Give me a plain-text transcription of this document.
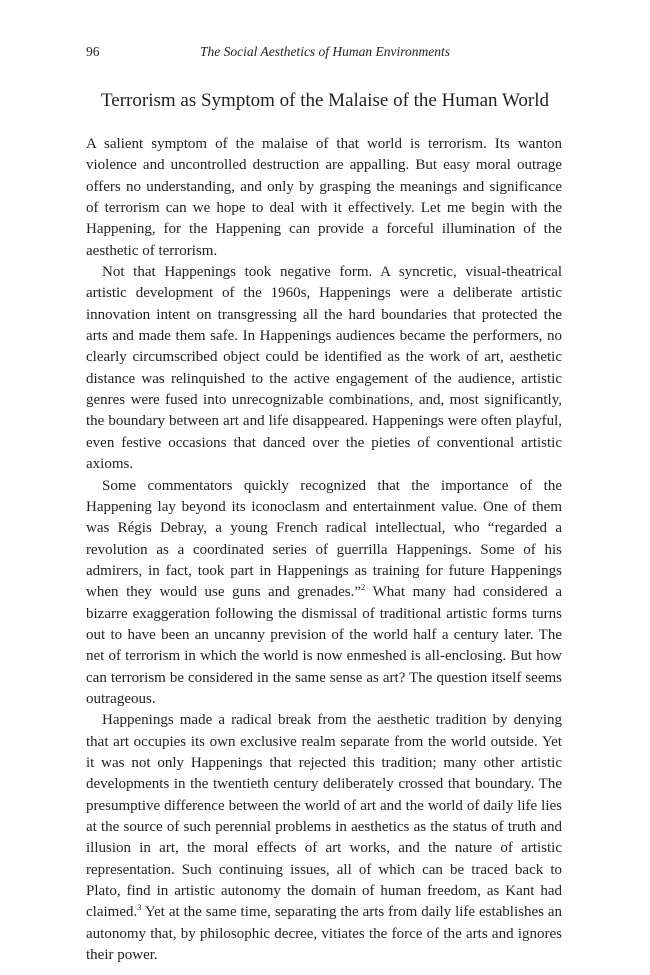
96	The Social Aesthetics of Human Environments
Terrorism as Symptom of the Malaise of the Human World

A salient symptom of the malaise of that world is terrorism. Its wanton violence and uncontrolled destruction are appalling. But easy moral outrage offers no understanding, and only by grasping the meanings and significance of terrorism can we hope to deal with it effectively. Let me begin with the Happening, for the Happening can provide a forceful illumination of the aesthetic of terrorism.

Not that Happenings took negative form. A syncretic, visual-theatrical artistic development of the 1960s, Happenings were a deliberate artistic innovation intent on transgressing all the hard boundaries that protected the arts and made them safe. In Happenings audiences became the performers, no clearly circumscribed object could be identified as the work of art, aesthetic distance was relinquished to the active engagement of the audience, artistic genres were fused into unrecognizable combinations, and, most significantly, the boundary between art and life disappeared. Happenings were often playful, even festive occasions that danced over the pieties of conventional artistic axioms.

Some commentators quickly recognized that the importance of the Happening lay beyond its iconoclasm and entertainment value. One of them was Régis Debray, a young French radical intellectual, who “regarded a revolution as a coordinated series of guerrilla Happenings. Some of his admirers, in fact, took part in Happenings as training for future Happenings when they would use guns and grenades.”$^2$ What many had considered a bizarre exaggeration following the dismissal of traditional artistic forms turns out to have been an uncanny prevision of the world half a century later. The net of terrorism in which the world is now enmeshed is all-enclosing. But how can terrorism be considered in the same sense as art? The question itself seems outrageous.

Happenings made a radical break from the aesthetic tradition by denying that art occupies its own exclusive realm separate from the world outside. Yet it was not only Happenings that rejected this tradition; many other artistic developments in the twentieth century deliberately crossed that boundary. The presumptive difference between the world of art and the world of daily life lies at the source of such perennial problems in aesthetics as the status of truth and illusion in art, the moral effects of art works, and the nature of artistic representation. Such continuing issues, all of which can be traced back to Plato, find in artistic autonomy the domain of human freedom, as Kant had claimed.$^3$ Yet at the same time, separating the arts from daily life establishes an autonomy that, by philosophic decree, vitiates the force of the arts and ignores their power.
